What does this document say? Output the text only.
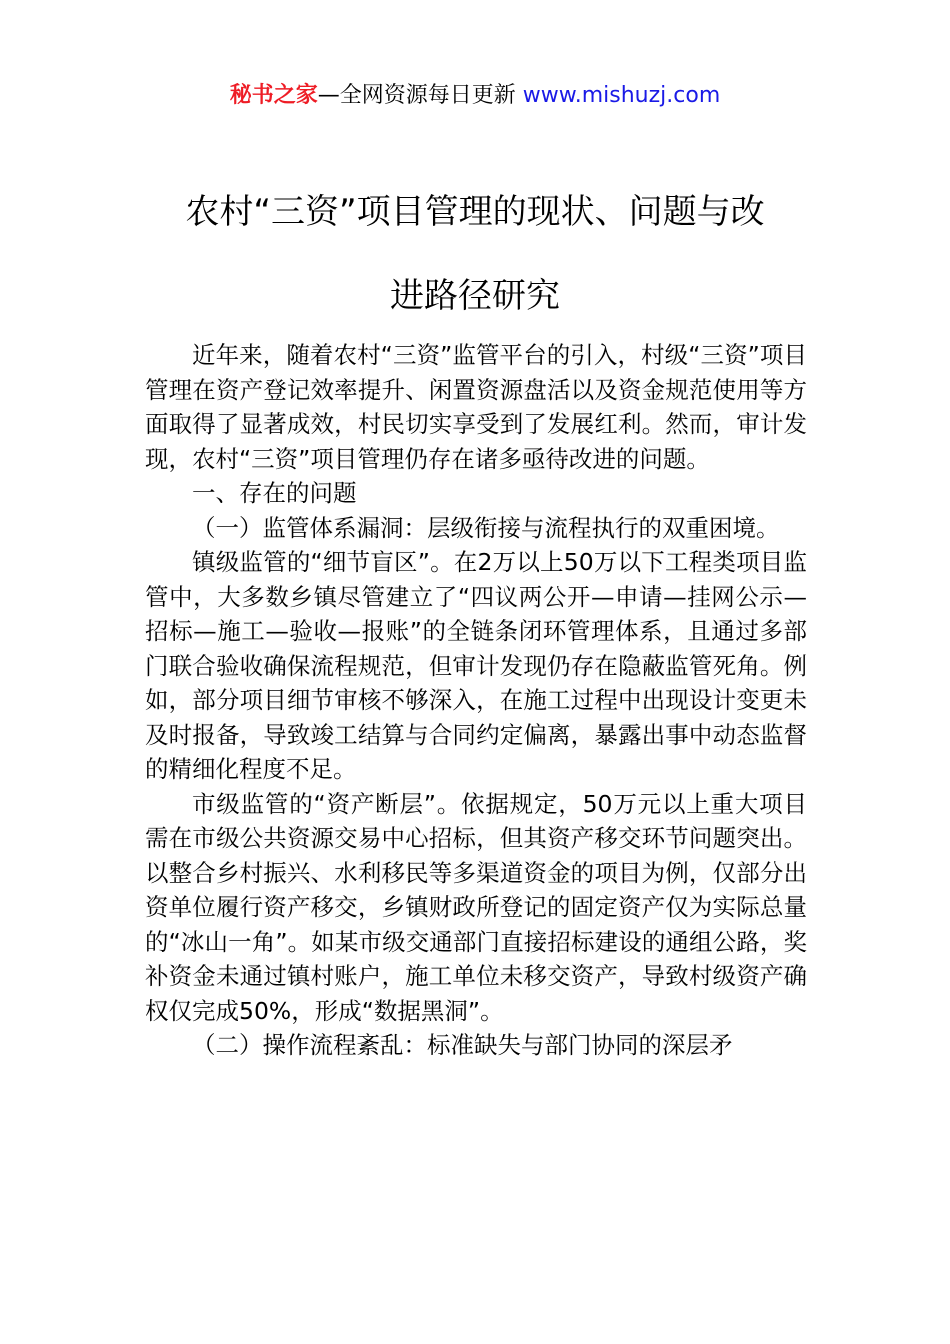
秘书之家—全网资源每日更新 www.mishuzj.com
农村“三资”项目管理的现状、问题与改
进路径研究

近年来，随着农村“三资”监管平台的引入，村级“三资”项目管理在资产登记效率提升、闲置资源盘活以及资金规范使用等方面取得了显著成效，村民切实享受到了发展红利。然而，审计发现，农村“三资”项目管理仍存在诸多亟待改进的问题。

一、存在的问题

（一）监管体系漏洞：层级衔接与流程执行的双重困境。

镇级监管的“细节盲区”。在2万以上50万以下工程类项目监管中，大多数乡镇尽管建立了“四议两公开—申请—挂网公示—招标—施工—验收—报账”的全链条闭环管理体系，且通过多部门联合验收确保流程规范，但审计发现仍存在隐蔽监管死角。例如，部分项目细节审核不够深入，在施工过程中出现设计变更未及时报备，导致竣工结算与合同约定偏离，暴露出事中动态监督的精细化程度不足。

市级监管的“资产断层”。依据规定，50万元以上重大项目需在市级公共资源交易中心招标，但其资产移交环节问题突出。以整合乡村振兴、水利移民等多渠道资金的项目为例，仅部分出资单位履行资产移交，乡镇财政所登记的固定资产仅为实际总量的“冰山一角”。如某市级交通部门直接招标建设的通组公路，奖补资金未通过镇村账户，施工单位未移交资产，导致村级资产确权仅完成50%，形成“数据黑洞”。

（二）操作流程紊乱：标准缺失与部门协同的深层矛
